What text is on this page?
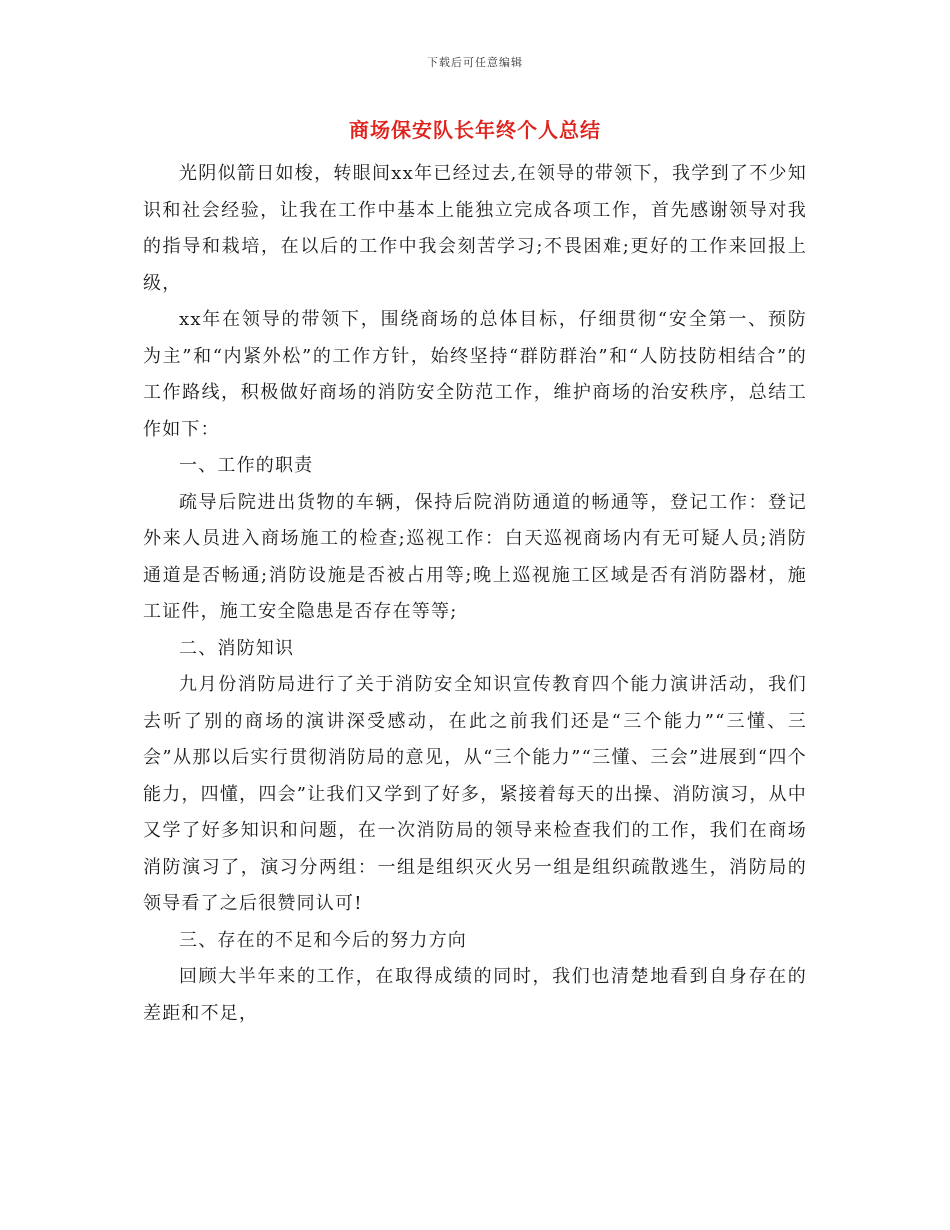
下载后可任意编辑
商场保安队长年终个人总结

光阴似箭日如梭，转眼间xx年已经过去,在领导的带领下，我学到了不少知识和社会经验，让我在工作中基本上能独立完成各项工作，首先感谢领导对我的指导和栽培，在以后的工作中我会刻苦学习;不畏困难;更好的工作来回报上级，

xx年在领导的带领下，围绕商场的总体目标，仔细贯彻“安全第一、预防为主”和“内紧外松”的工作方针，始终坚持“群防群治”和“人防技防相结合”的工作路线，积极做好商场的消防安全防范工作，维护商场的治安秩序，总结工作如下：

一、工作的职责

疏导后院进出货物的车辆，保持后院消防通道的畅通等，登记工作：登记外来人员进入商场施工的检查;巡视工作：白天巡视商场内有无可疑人员;消防通道是否畅通;消防设施是否被占用等;晚上巡视施工区域是否有消防器材，施工证件，施工安全隐患是否存在等等;

二、消防知识

九月份消防局进行了关于消防安全知识宣传教育四个能力演讲活动，我们去听了别的商场的演讲深受感动，在此之前我们还是“三个能力”“三懂、三会”从那以后实行贯彻消防局的意见，从“三个能力”“三懂、三会”进展到“四个能力，四懂，四会”让我们又学到了好多，紧接着每天的出操、消防演习，从中又学了好多知识和问题，在一次消防局的领导来检查我们的工作，我们在商场消防演习了，演习分两组：一组是组织灭火另一组是组织疏散逃生，消防局的领导看了之后很赞同认可!

三、存在的不足和今后的努力方向

回顾大半年来的工作，在取得成绩的同时，我们也清楚地看到自身存在的差距和不足，
